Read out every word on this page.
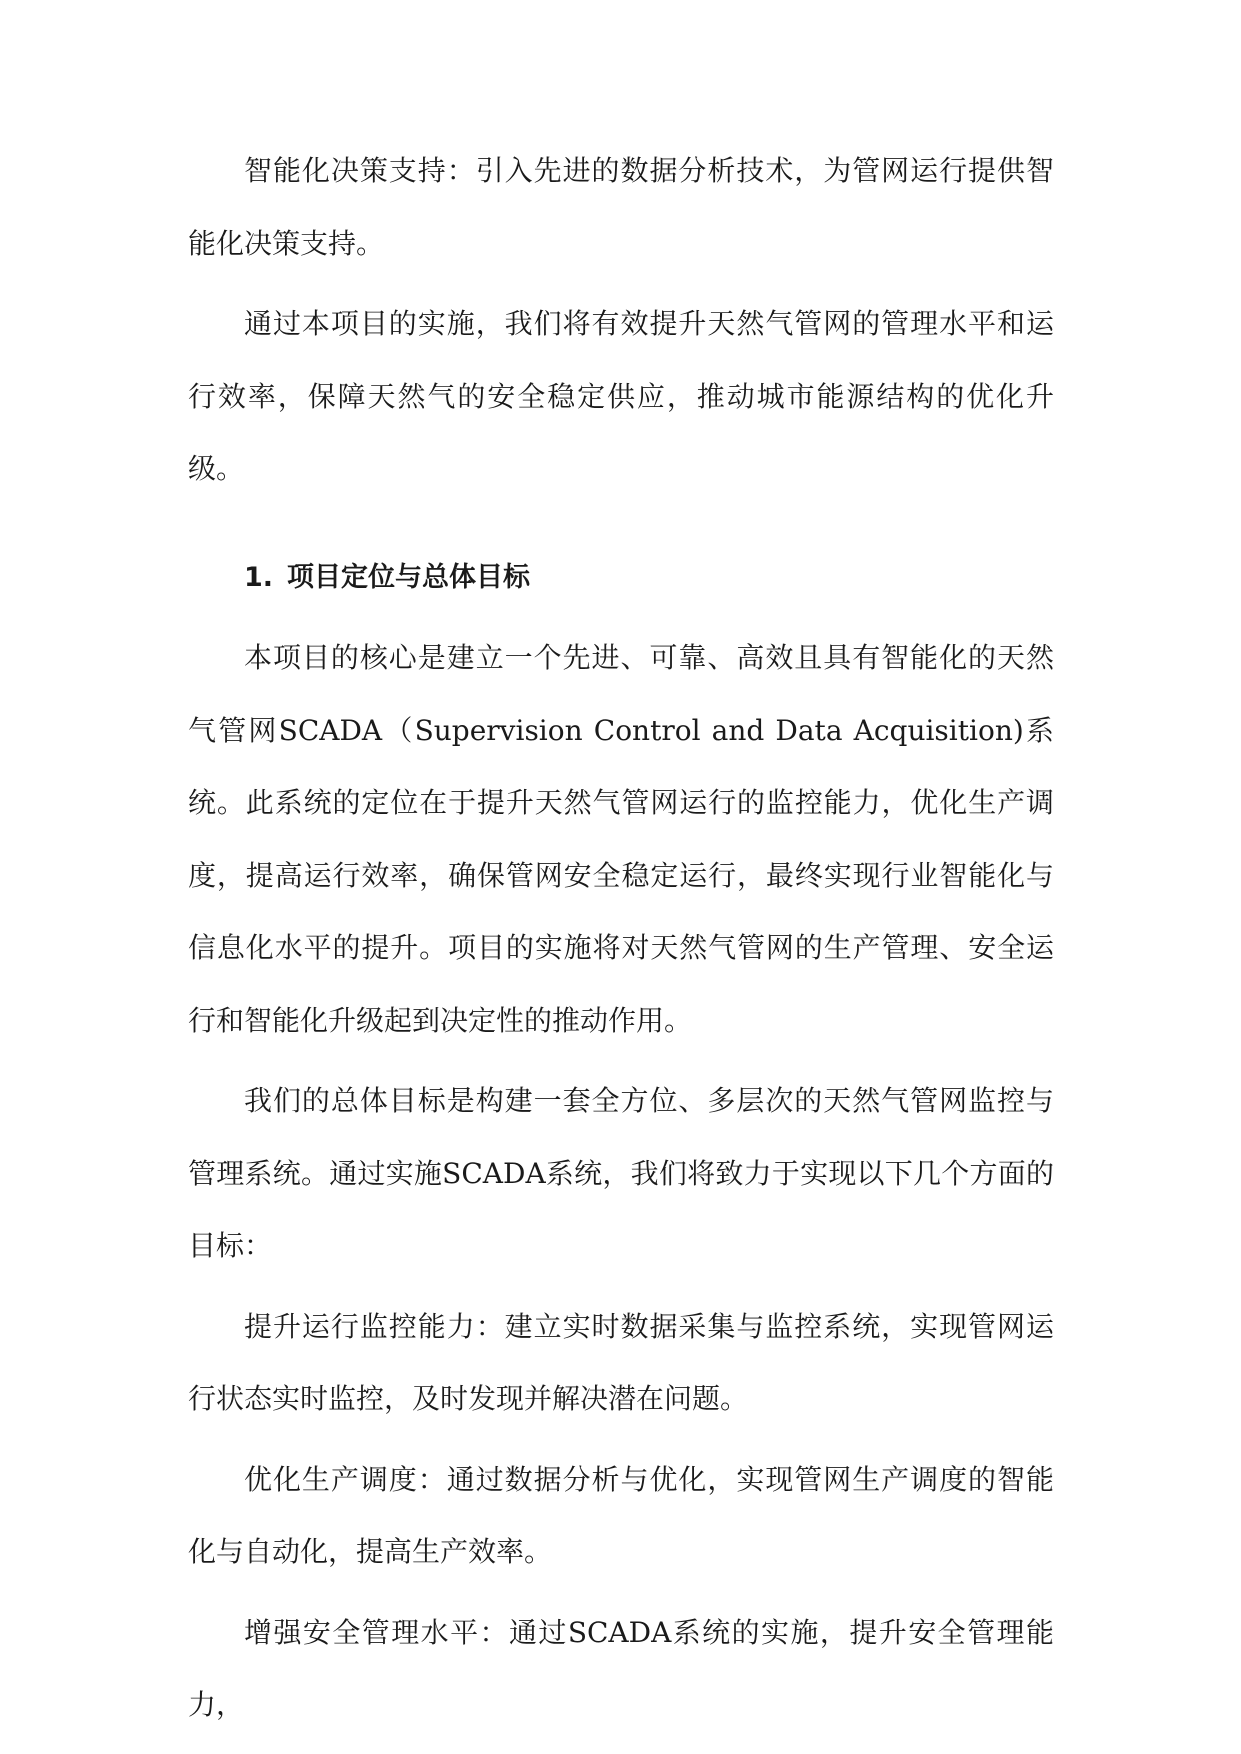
智能化决策支持：引入先进的数据分析技术，为管网运行提供智能化决策支持。

通过本项目的实施，我们将有效提升天然气管网的管理水平和运行效率，保障天然气的安全稳定供应，推动城市能源结构的优化升级。

1. 项目定位与总体目标

本项目的核心是建立一个先进、可靠、高效且具有智能化的天然气管网SCADA（Supervision Control and Data Acquisition)系统。此系统的定位在于提升天然气管网运行的监控能力，优化生产调度，提高运行效率，确保管网安全稳定运行，最终实现行业智能化与信息化水平的提升。项目的实施将对天然气管网的生产管理、安全运行和智能化升级起到决定性的推动作用。

我们的总体目标是构建一套全方位、多层次的天然气管网监控与管理系统。通过实施SCADA系统，我们将致力于实现以下几个方面的目标：

提升运行监控能力：建立实时数据采集与监控系统，实现管网运行状态实时监控，及时发现并解决潜在问题。

优化生产调度：通过数据分析与优化，实现管网生产调度的智能化与自动化，提高生产效率。

增强安全管理水平：通过SCADA系统的实施，提升安全管理能力，
